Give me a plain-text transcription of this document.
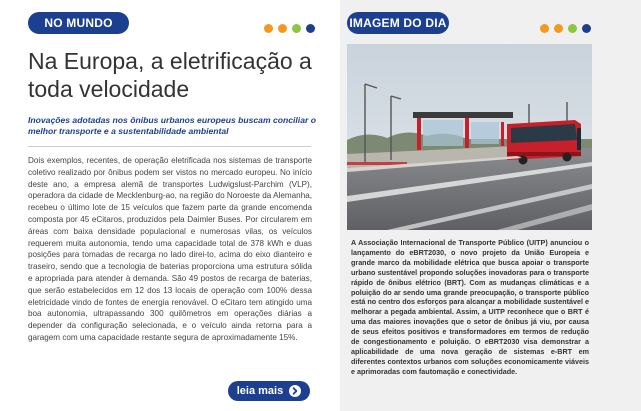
NO MUNDO
Na Europa, a eletrificação a toda velocidade

Inovações adotadas nos ônibus urbanos europeus buscam conciliar o melhor transporte e a sustentabilidade ambiental

Dois exemplos, recentes, de operação eletrificada nos sistemas de transporte coletivo realizado por ônibus podem ser vistos no mercado europeu. No início deste ano, a empresa alemã de transportes Ludwigslust-Parchim (VLP), operadora da cidade de Mecklenburg-ao, na região do Noroeste da Alemanha, recebeu o último lote de 15 veículos que fazem parte da grande encomenda composta por 45 eCitaros, produzidos pela Daimler Buses. Por circularem em áreas com baixa densidade populacional e numerosas vilas, os veículos requerem muita autonomia, tendo uma capacidade total de 378 kWh e duas posições para tomadas de recarga no lado direi-to, acima do eixo dianteiro e traseiro, sendo que a tecnologia de baterias proporciona uma estrutura sólida e apropriada para atender à demanda. São 49 postos de recarga de baterias, que serão estabelecidos em 12 dos 13 locais de operação com 100% dessa eletricidade vindo de fontes de energia renovável. O eCitaro tem atingido uma boa autonomia, ultrapassando 300 quilômetros em operações diárias a depender da configuração selecionada, e o veículo ainda retorna para a garagem com uma capacidade restante segura de aproximadamente 15%.

leia mais
IMAGEM DO DIA

A Associação Internacional de Transporte Público (UITP) anunciou o lançamento do eBRT2030, o novo projeto da União Europeia e grande marco da mobilidade elétrica que busca apoiar o transporte urbano sustentável propondo soluções inovadoras para o transporte rápido de ônibus elétrico (BRT). Com as mudanças climáticas e a poluição do ar sendo uma grande preocupação, o transporte público está no centro dos esforços para alcançar a mobilidade sustentável e melhorar a pegada ambiental. Assim, a UITP reconhece que o BRT é uma das maiores inovações que o setor de ônibus já viu, por causa de seus efeitos positivos e transformadores em termos de redução de congestionamento e poluição. O eBRT2030 visa demonstrar a aplicabilidade de uma nova geração de sistemas e-BRT em diferentes contextos urbanos com soluções economicamente viáveis e aprimoradas com fautomação e conectividade.
